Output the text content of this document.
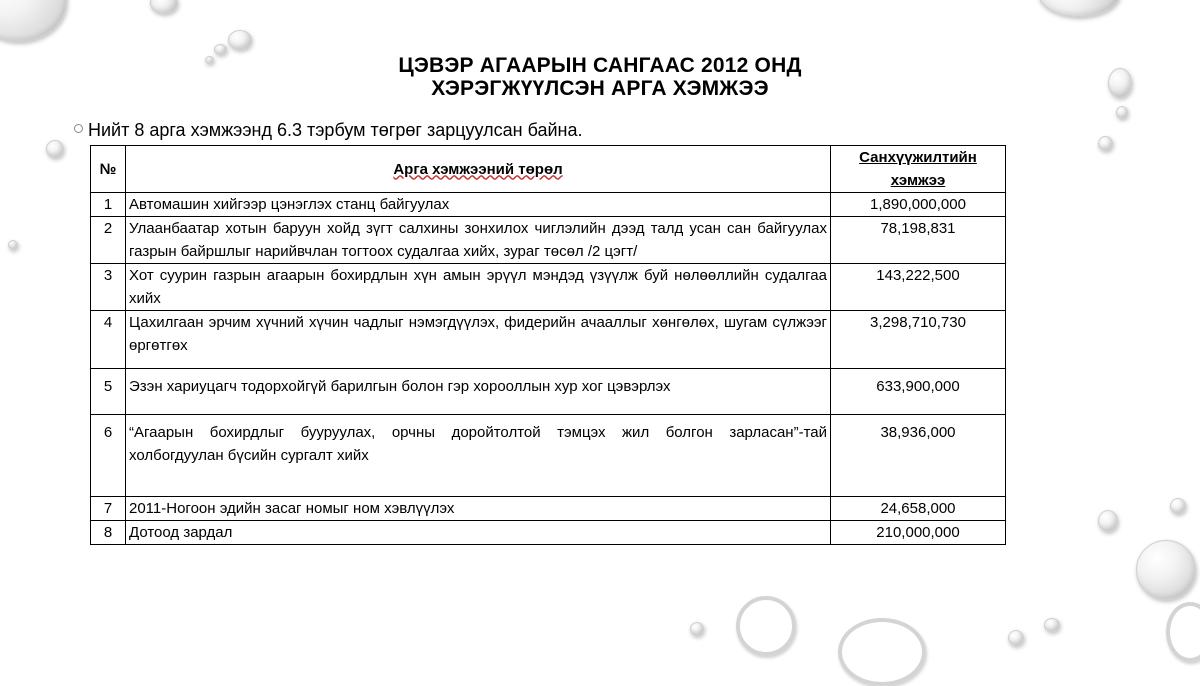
ЦЭВЭР АГААРЫН САНГААС 2012 ОНД
ХЭРЭГЖҮҮЛСЭН АРГА ХЭМЖЭЭ
Нийт 8 арга хэмжээнд 6.3 тэрбум төгрөг зарцуулсан байна.
№	Арга хэмжээний төрөл	Санхүүжилтийн
хэмжээ

1	Автомашин хийгээр цэнэглэх станц байгуулах	1,890,000,000
2	Улаанбаатар хотын баруун хойд зүгт салхины зонхилох чиглэлийн дээд талд усан сан байгуулах газрын байршлыг нарийвчлан тогтоох судалгаа хийх, зураг төсөл /2 цэгт/	78,198,831
3	Хот суурин газрын агаарын бохирдлын хүн амын эрүүл мэндэд үзүүлж буй нөлөөллийн судалгаа хийх	143,222,500
4	Цахилгаан эрчим хүчний хүчин чадлыг нэмэгдүүлэх, фидерийн ачааллыг хөнгөлөх, шугам сүлжээг өргөтгөх	3,298,710,730
5	Эзэн хариуцагч тодорхойгүй барилгын болон гэр хорооллын хур хог цэвэрлэх	633,900,000
6	“Агаарын бохирдлыг бууруулах, орчны доройтолтой тэмцэх жил болгон зарласан”-тай холбогдуулан бүсийн сургалт хийх	38,936,000
7	2011-Ногоон эдийн засаг номыг ном хэвлүүлэх	24,658,000
8	Дотоод зардал	210,000,000
